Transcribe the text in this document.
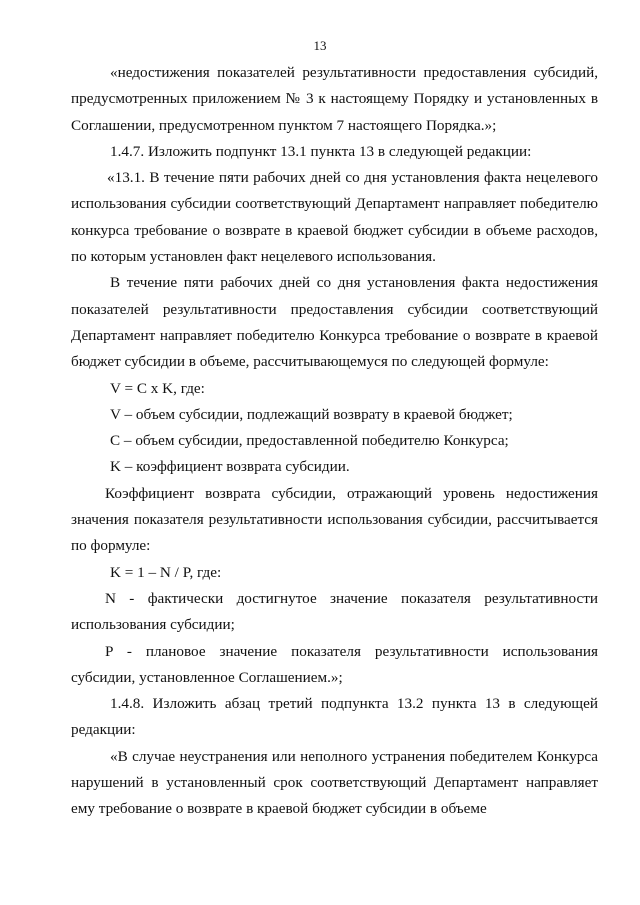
13

«недостижения показателей результативности предоставления субсидий, предусмотренных приложением № 3 к настоящему Порядку и установленных в Соглашении, предусмотренном пунктом 7 настоящего Порядка.»;

1.4.7. Изложить подпункт 13.1 пункта 13 в следующей редакции:

«13.1. В течение пяти рабочих дней со дня установления факта нецелевого использования субсидии соответствующий Департамент направляет победителю конкурса требование о возврате в краевой бюджет субсидии в объеме расходов, по которым установлен факт нецелевого использования.

В течение пяти рабочих дней со дня установления факта недостижения показателей результативности предоставления субсидии соответствующий Департамент направляет победителю Конкурса требование о возврате в краевой бюджет субсидии в объеме, рассчитывающемуся по следующей формуле:

V = C x K, где:

V – объем субсидии, подлежащий возврату в краевой бюджет;

С – объем субсидии, предоставленной победителю Конкурса;

K – коэффициент возврата субсидии.

Коэффициент возврата субсидии, отражающий уровень недостижения значения показателя результативности использования субсидии, рассчитывается по формуле:

K = 1 – N / P, где:

N - фактически достигнутое значение показателя результативности использования субсидии;

P - плановое значение показателя результативности использования субсидии, установленное Соглашением.»;

1.4.8. Изложить абзац третий подпункта 13.2 пункта 13 в следующей редакции:

«В случае неустранения или неполного устранения победителем Конкурса нарушений в установленный срок соответствующий Департамент направляет ему требование о возврате в краевой бюджет субсидии в объеме
